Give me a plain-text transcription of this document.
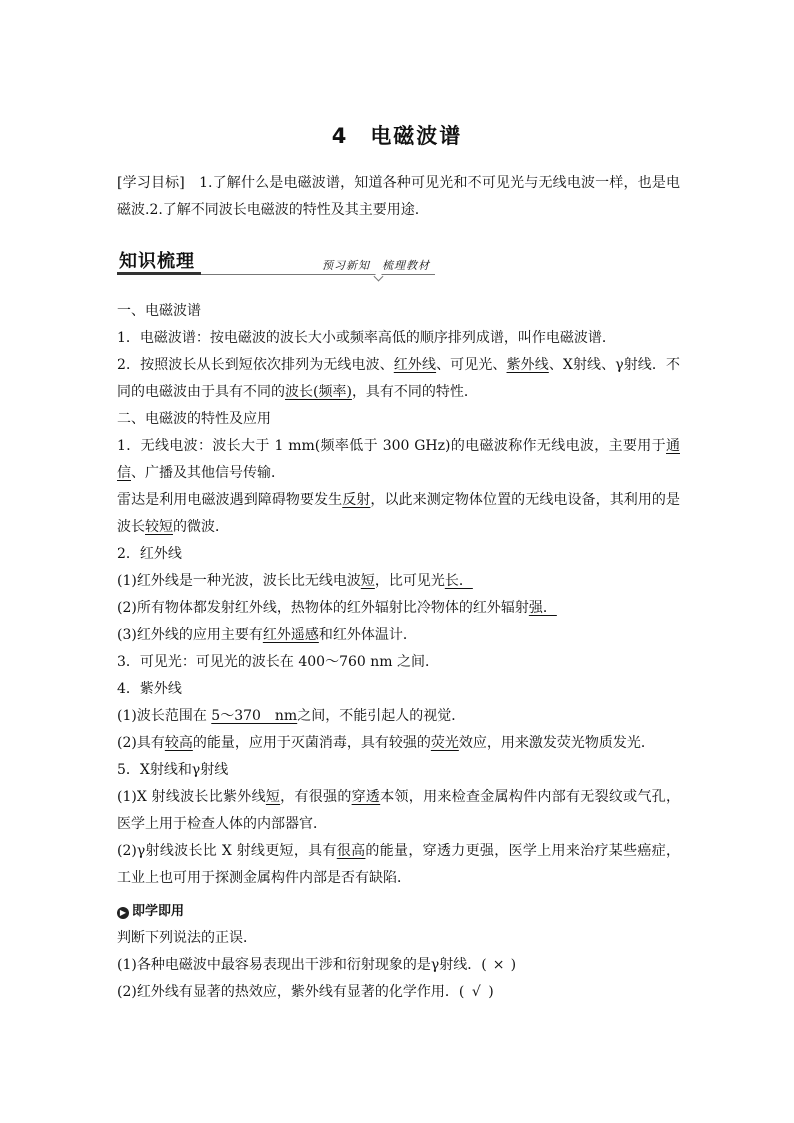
4 电磁波谱
[学习目标]　1.了解什么是电磁波谱，知道各种可见光和不可见光与无线电波一样，也是电磁波.2.了解不同波长电磁波的特性及其主要用途.
知识梳理	预习新知　梳理教材

一、电磁波谱

1．电磁波谱：按电磁波的波长大小或频率高低的顺序排列成谱，叫作电磁波谱．

2．按照波长从长到短依次排列为无线电波、红外线、可见光、紫外线、X射线、γ射线．不同的电磁波由于具有不同的波长(频率)，具有不同的特性．

二、电磁波的特性及应用

1．无线电波：波长大于 1 mm(频率低于 300 GHz)的电磁波称作无线电波，主要用于通信、广播及其他信号传输．

雷达是利用电磁波遇到障碍物要发生反射，以此来测定物体位置的无线电设备，其利用的是波长较短的微波．

2．红外线

(1)红外线是一种光波，波长比无线电波短，比可见光长．

(2)所有物体都发射红外线，热物体的红外辐射比冷物体的红外辐射强．

(3)红外线的应用主要有红外遥感和红外体温计．

3．可见光：可见光的波长在 400～760 nm 之间．

4．紫外线

(1)波长范围在 5～370　nm之间，不能引起人的视觉．

(2)具有较高的能量，应用于灭菌消毒，具有较强的荧光效应，用来激发荧光物质发光．

5．X射线和γ射线

(1)X 射线波长比紫外线短，有很强的穿透本领，用来检查金属构件内部有无裂纹或气孔，医学上用于检查人体的内部器官．

(2)γ射线波长比 X 射线更短，具有很高的能量，穿透力更强，医学上用来治疗某些癌症，工业上也可用于探测金属构件内部是否有缺陷．

▶ 即学即用

判断下列说法的正误．

(1)各种电磁波中最容易表现出干涉和衍射现象的是γ射线．( × )

(2)红外线有显著的热效应，紫外线有显著的化学作用．( √ )
